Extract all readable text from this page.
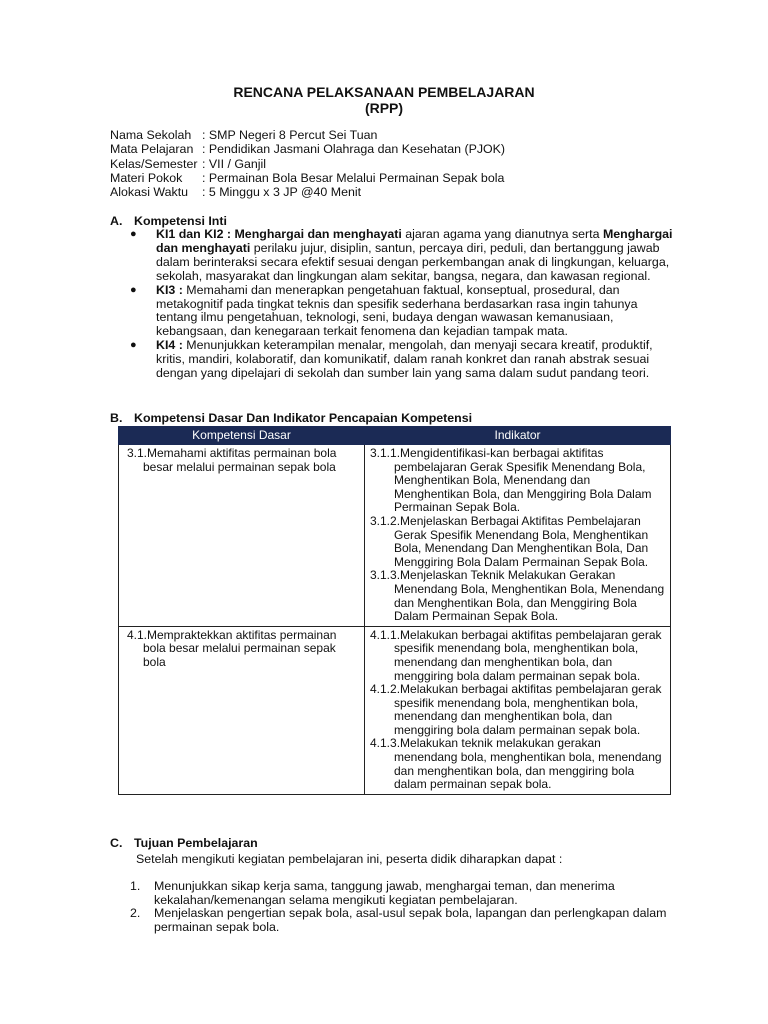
RENCANA PELAKSANAAN PEMBELAJARAN
(RPP)
Nama Sekolah : SMP Negeri 8 Percut Sei Tuan
Mata Pelajaran : Pendidikan Jasmani Olahraga dan Kesehatan (PJOK)
Kelas/Semester : VII / Ganjil
Materi Pokok : Permainan Bola Besar Melalui Permainan Sepak bola
Alokasi Waktu : 5 Minggu x 3 JP @40 Menit
A. Kompetensi Inti
● KI1 dan KI2 : Menghargai dan menghayati ajaran agama yang dianutnya serta Menghargai dan menghayati perilaku jujur, disiplin, santun, percaya diri, peduli, dan bertanggung jawab dalam berinteraksi secara efektif sesuai dengan perkembangan anak di lingkungan, keluarga, sekolah, masyarakat dan lingkungan alam sekitar, bangsa, negara, dan kawasan regional.
● KI3 : Memahami dan menerapkan pengetahuan faktual, konseptual, prosedural, dan metakognitif pada tingkat teknis dan spesifik sederhana berdasarkan rasa ingin tahunya tentang ilmu pengetahuan, teknologi, seni, budaya dengan wawasan kemanusiaan, kebangsaan, dan kenegaraan terkait fenomena dan kejadian tampak mata.
● KI4 : Menunjukkan keterampilan menalar, mengolah, dan menyaji secara kreatif, produktif, kritis, mandiri, kolaboratif, dan komunikatif, dalam ranah konkret dan ranah abstrak sesuai dengan yang dipelajari di sekolah dan sumber lain yang sama dalam sudut pandang teori.
B. Kompetensi Dasar Dan Indikator Pencapaian Kompetensi
Kompetensi Dasar	Indikator

3.1.Memahami aktifitas permainan bola besar melalui permainan sepak bola	3.1.1.Mengidentifikasi-kan berbagai aktifitas pembelajaran Gerak Spesifik Menendang Bola, Menghentikan Bola, Menendang dan Menghentikan Bola, dan Menggiring Bola Dalam Permainan Sepak Bola.
3.1.2.Menjelaskan Berbagai Aktifitas Pembelajaran Gerak Spesifik Menendang Bola, Menghentikan Bola, Menendang Dan Menghentikan Bola, Dan Menggiring Bola Dalam Permainan Sepak Bola.
3.1.3.Menjelaskan Teknik Melakukan Gerakan Menendang Bola, Menghentikan Bola, Menendang dan Menghentikan Bola, dan Menggiring Bola Dalam Permainan Sepak Bola.

4.1.Mempraktekkan aktifitas permainan bola besar melalui permainan sepak bola	4.1.1.Melakukan berbagai aktifitas pembelajaran gerak spesifik menendang bola, menghentikan bola, menendang dan menghentikan bola, dan menggiring bola dalam permainan sepak bola.
4.1.2.Melakukan berbagai aktifitas pembelajaran gerak spesifik menendang bola, menghentikan bola, menendang dan menghentikan bola, dan menggiring bola dalam permainan sepak bola.
4.1.3.Melakukan teknik melakukan gerakan menendang bola, menghentikan bola, menendang dan menghentikan bola, dan menggiring bola dalam permainan sepak bola.
C. Tujuan Pembelajaran
Setelah mengikuti kegiatan pembelajaran ini, peserta didik diharapkan dapat :
1. Menunjukkan sikap kerja sama, tanggung jawab, menghargai teman, dan menerima kekalahan/kemenangan selama mengikuti kegiatan pembelajaran.
2. Menjelaskan pengertian sepak bola, asal-usul sepak bola, lapangan dan perlengkapan dalam permainan sepak bola.
